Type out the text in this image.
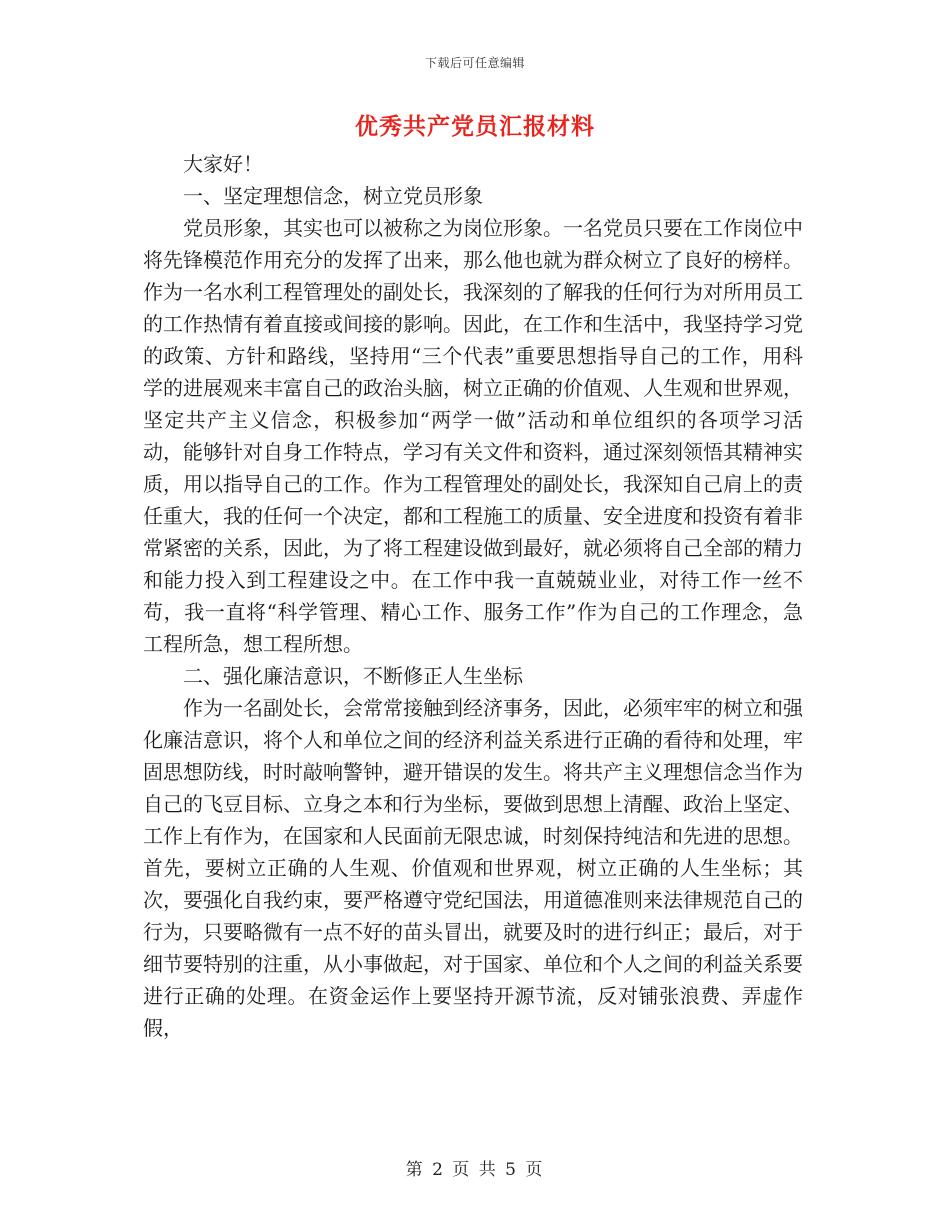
下载后可任意编辑
优秀共产党员汇报材料

大家好！

一、坚定理想信念，树立党员形象

党员形象，其实也可以被称之为岗位形象。一名党员只要在工作岗位中将先锋模范作用充分的发挥了出来，那么他也就为群众树立了良好的榜样。作为一名水利工程管理处的副处长，我深刻的了解我的任何行为对所用员工的工作热情有着直接或间接的影响。因此，在工作和生活中，我坚持学习党的政策、方针和路线，坚持用“三个代表”重要思想指导自己的工作，用科学的进展观来丰富自己的政治头脑，树立正确的价值观、人生观和世界观，坚定共产主义信念，积极参加“两学一做”活动和单位组织的各项学习活动，能够针对自身工作特点，学习有关文件和资料，通过深刻领悟其精神实质，用以指导自己的工作。作为工程管理处的副处长，我深知自己肩上的责任重大，我的任何一个决定，都和工程施工的质量、安全进度和投资有着非常紧密的关系，因此，为了将工程建设做到最好，就必须将自己全部的精力和能力投入到工程建设之中。在工作中我一直兢兢业业，对待工作一丝不苟，我一直将“科学管理、精心工作、服务工作”作为自己的工作理念，急工程所急，想工程所想。

二、强化廉洁意识，不断修正人生坐标

作为一名副处长，会常常接触到经济事务，因此，必须牢牢的树立和强化廉洁意识，将个人和单位之间的经济利益关系进行正确的看待和处理，牢固思想防线，时时敲响警钟，避开错误的发生。将共产主义理想信念当作为自己的飞豆目标、立身之本和行为坐标，要做到思想上清醒、政治上坚定、工作上有作为，在国家和人民面前无限忠诚，时刻保持纯洁和先进的思想。首先，要树立正确的人生观、价值观和世界观，树立正确的人生坐标；其次，要强化自我约束，要严格遵守党纪国法，用道德准则来法律规范自己的行为，只要略微有一点不好的苗头冒出，就要及时的进行纠正；最后，对于细节要特别的注重，从小事做起，对于国家、单位和个人之间的利益关系要进行正确的处理。在资金运作上要坚持开源节流，反对铺张浪费、弄虚作假，

第 2 页 共 5 页
